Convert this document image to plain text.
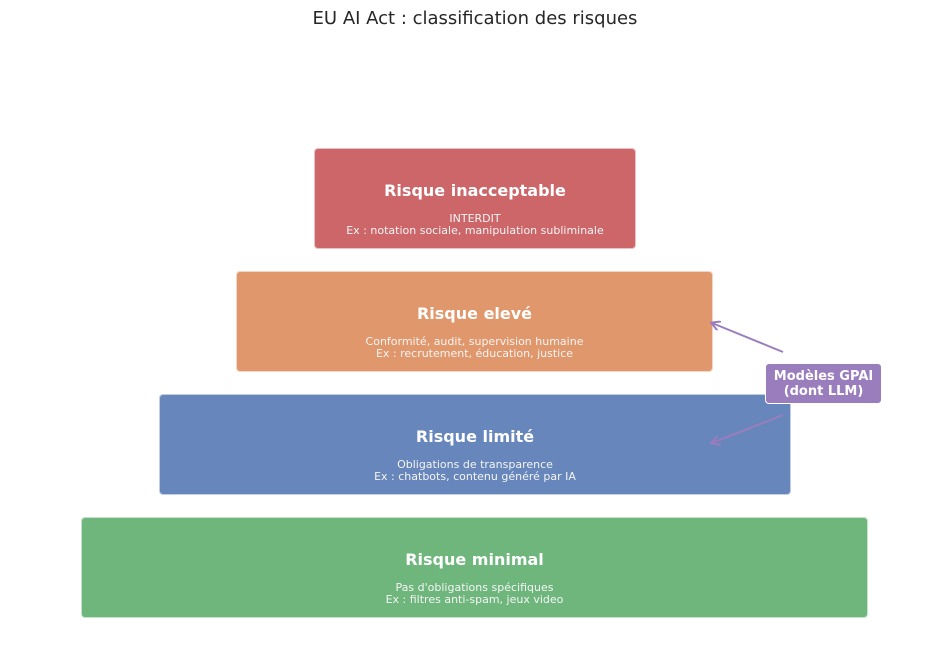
EU AI Act : classification des risques
Risque inacceptable
INTERDIT
Ex : notation sociale, manipulation subliminale
Risque elevé
Conformité, audit, supervision humaine
Ex : recrutement, éducation, justice
Risque limité
Obligations de transparence
Ex : chatbots, contenu généré par IA
Risque minimal
Pas d'obligations spécifiques
Ex : filtres anti-spam, jeux video
Modèles GPAI
(dont LLM)
